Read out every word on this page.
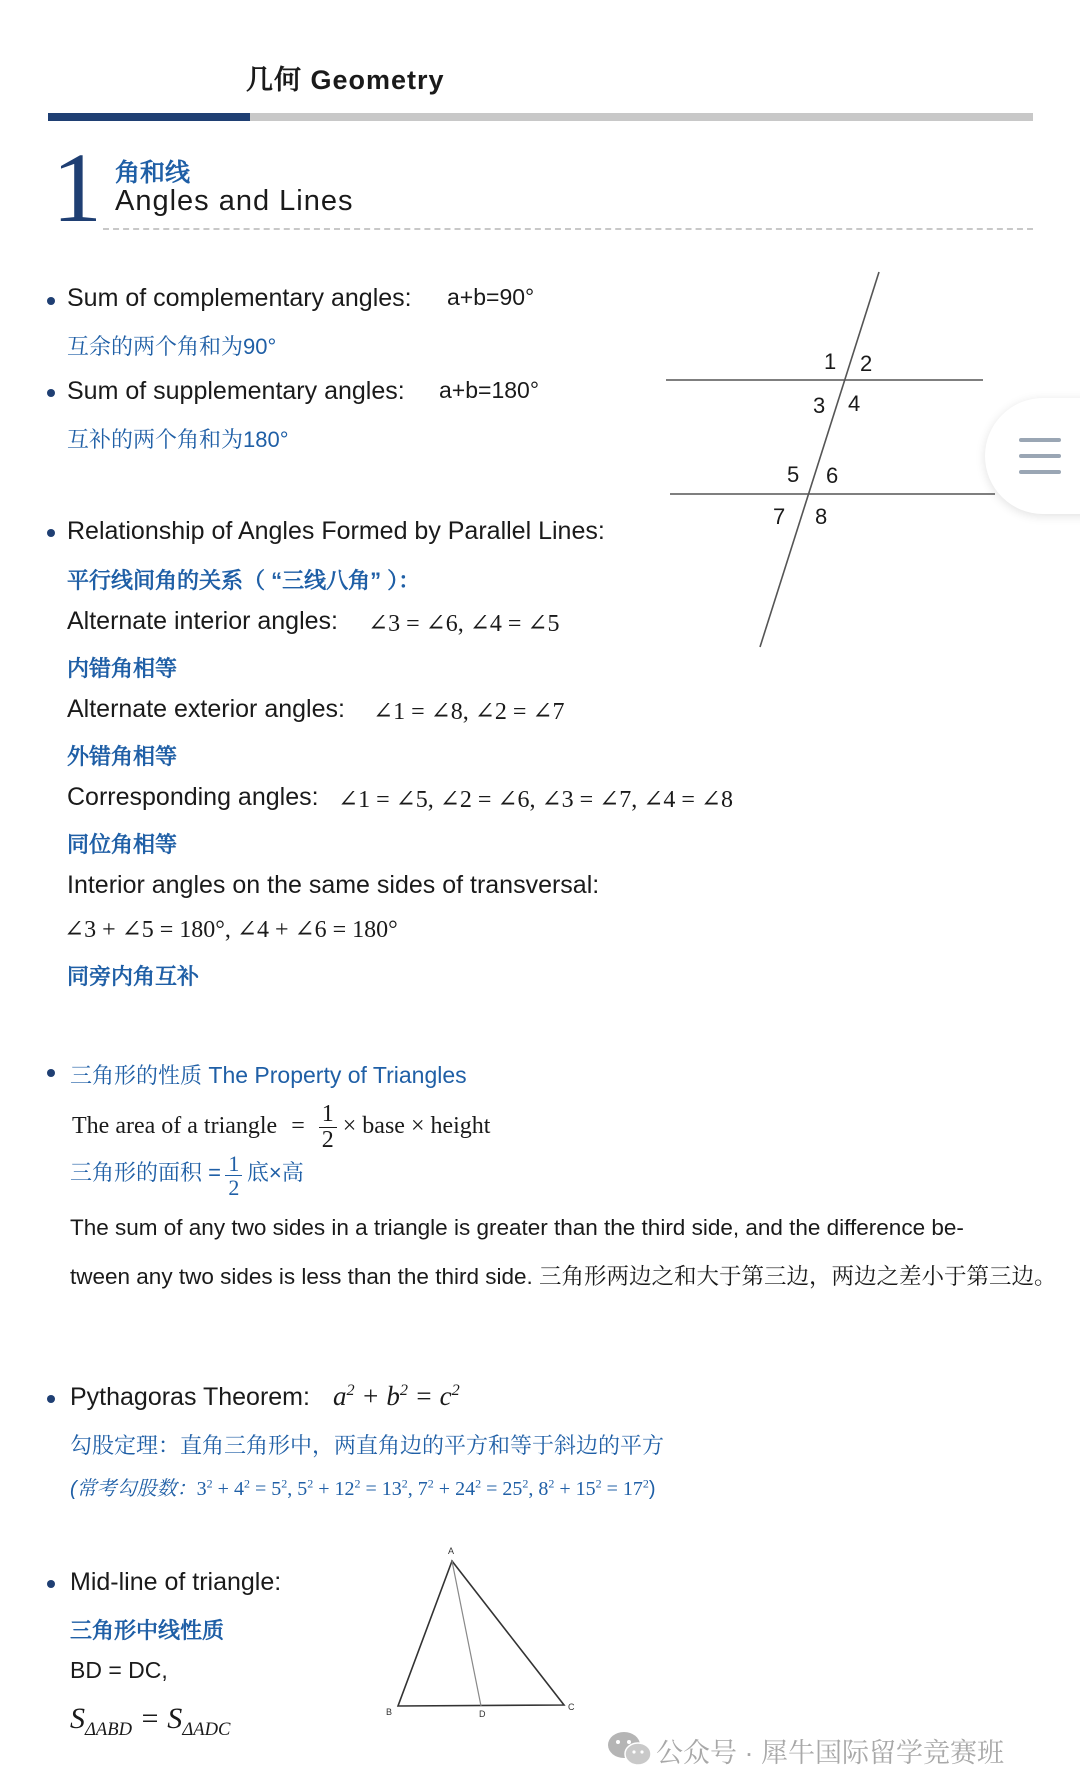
几何 Geometry
1 角和线
Angles and Lines
Sum of complementary angles: a+b=90°
互余的两个角和为90°
Sum of supplementary angles: a+b=180°
互补的两个角和为180°
1 2
3 4
5 6
7 8
Relationship of Angles Formed by Parallel Lines:
平行线间角的关系（ “三线八角” ）：
Alternate interior angles: ∠3 = ∠6, ∠4 = ∠5
内错角相等
Alternate exterior angles: ∠1 = ∠8, ∠2 = ∠7
外错角相等
Corresponding angles: ∠1 = ∠5, ∠2 = ∠6, ∠3 = ∠7, ∠4 = ∠8
同位角相等
Interior angles on the same sides of transversal:
∠3 + ∠5 = 180°, ∠4 + ∠6 = 180°
同旁内角互补
三角形的性质 The Property of Triangles
The area of a triangle = $\frac{1}{2}$ × base × height
三角形的面积 = $\frac{1}{2}$ 底×高
The sum of any two sides in a triangle is greater than the third side, and the difference be-
tween any two sides is less than the third side. 三角形两边之和大于第三边，两边之差小于第三边。
Pythagoras Theorem: $a^2 + b^2 = c^2$
勾股定理：直角三角形中，两直角边的平方和等于斜边的平方
(常考勾股数：$3^2 + 4^2 = 5^2$, $5^2 + 12^2 = 13^2$, $7^2 + 24^2 = 25^2$, $8^2 + 15^2 = 17^2$)
Mid-line of triangle:
三角形中线性质
BD = DC,
$S_{\Delta ABD} = S_{\Delta ADC}$
A
B	C
D
公众号 · 犀牛国际留学竞赛班
